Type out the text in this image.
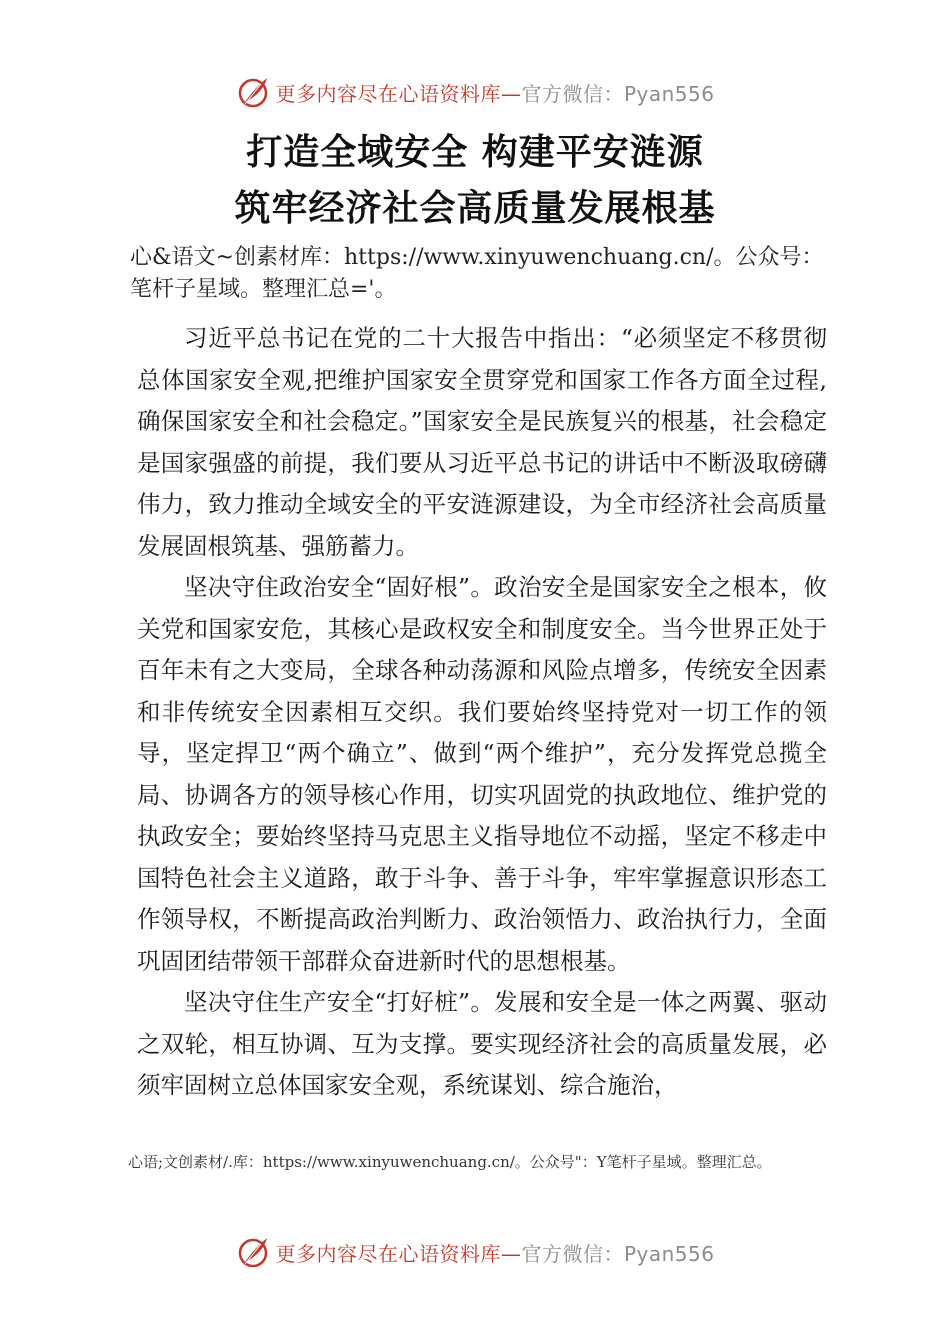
更多内容尽在心语资料库— 官方微信：Pyan556
打造全域安全 构建平安涟源
筑牢经济社会高质量发展根基
心&语文~创素材库：https://www.xinyuwenchuang.cn/。公众号：笔杆子星域。整理汇总='。

习近平总书记在党的二十大报告中指出：“必须坚定不移贯彻总体国家安全观,把维护国家安全贯穿党和国家工作各方面全过程,确保国家安全和社会稳定。”国家安全是民族复兴的根基，社会稳定是国家强盛的前提，我们要从习近平总书记的讲话中不断汲取磅礴伟力，致力推动全域安全的平安涟源建设，为全市经济社会高质量发展固根筑基、强筋蓄力。

坚决守住政治安全“固好根”。政治安全是国家安全之根本，攸关党和国家安危，其核心是政权安全和制度安全。当今世界正处于百年未有之大变局，全球各种动荡源和风险点增多，传统安全因素和非传统安全因素相互交织。我们要始终坚持党对一切工作的领导，坚定捍卫“两个确立”、做到“两个维护”，充分发挥党总揽全局、协调各方的领导核心作用，切实巩固党的执政地位、维护党的执政安全；要始终坚持马克思主义指导地位不动摇，坚定不移走中国特色社会主义道路，敢于斗争、善于斗争，牢牢掌握意识形态工作领导权，不断提高政治判断力、政治领悟力、政治执行力，全面巩固团结带领干部群众奋进新时代的思想根基。

坚决守住生产安全“打好桩”。发展和安全是一体之两翼、驱动之双轮，相互协调、互为支撑。要实现经济社会的高质量发展，必须牢固树立总体国家安全观，系统谋划、综合施治，

心语;文创素材/.库：https://www.xinyuwenchuang.cn/。公众号"：Y笔杆子星域。整理汇总。
更多内容尽在心语资料库— 官方微信：Pyan556
